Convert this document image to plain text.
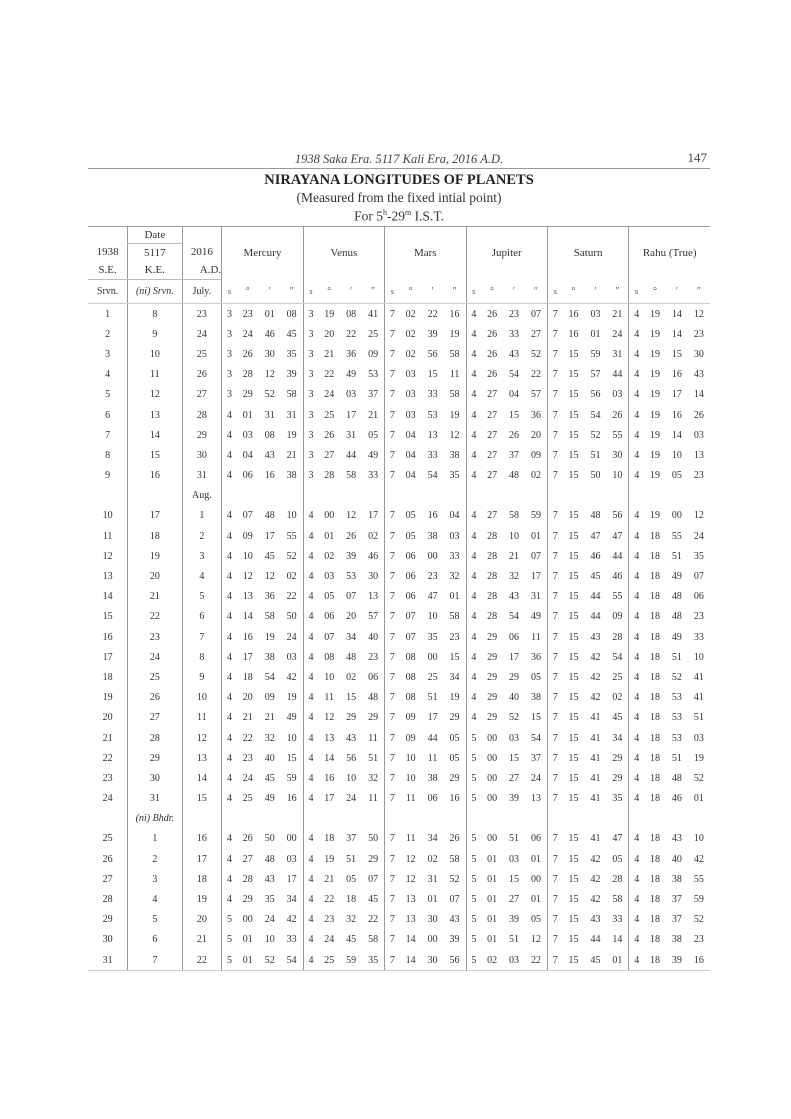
1938 Saka Era. 5117 Kali Era, 2016 A.D.	147
NIRAYANA LONGITUDES OF PLANETS
(Measured from the fixed intial point)
For 5$^h$-29$^m$ I.S.T.
	Date		Mercury				Venus				Mars				Jupiter				Saturn				Rahu (True)			
1938	5117	2016																								
S.E.	K.E.	A.D.																								
Srvn.	(ni) Srvn.	July.	s	°	′	″	s	°	′	″	s	°	′	″	s	°	′	″	s	°	′	″	s	°	′	″
1	8	23	3	23	01	08	3	19	08	41	7	02	22	16	4	26	23	07	7	16	03	21	4	19	14	12
2	9	24	3	24	46	45	3	20	22	25	7	02	39	19	4	26	33	27	7	16	01	24	4	19	14	23
3	10	25	3	26	30	35	3	21	36	09	7	02	56	58	4	26	43	52	7	15	59	31	4	19	15	30
4	11	26	3	28	12	39	3	22	49	53	7	03	15	11	4	26	54	22	7	15	57	44	4	19	16	43
5	12	27	3	29	52	58	3	24	03	37	7	03	33	58	4	27	04	57	7	15	56	03	4	19	17	14
6	13	28	4	01	31	31	3	25	17	21	7	03	53	19	4	27	15	36	7	15	54	26	4	19	16	26
7	14	29	4	03	08	19	3	26	31	05	7	04	13	12	4	27	26	20	7	15	52	55	4	19	14	03
8	15	30	4	04	43	21	3	27	44	49	7	04	33	38	4	27	37	09	7	15	51	30	4	19	10	13
9	16	31	4	06	16	38	3	28	58	33	7	04	54	35	4	27	48	02	7	15	50	10	4	19	05	23
		Aug.																								
10	17	1	4	07	48	10	4	00	12	17	7	05	16	04	4	27	58	59	7	15	48	56	4	19	00	12
11	18	2	4	09	17	55	4	01	26	02	7	05	38	03	4	28	10	01	7	15	47	47	4	18	55	24
12	19	3	4	10	45	52	4	02	39	46	7	06	00	33	4	28	21	07	7	15	46	44	4	18	51	35
13	20	4	4	12	12	02	4	03	53	30	7	06	23	32	4	28	32	17	7	15	45	46	4	18	49	07
14	21	5	4	13	36	22	4	05	07	13	7	06	47	01	4	28	43	31	7	15	44	55	4	18	48	06
15	22	6	4	14	58	50	4	06	20	57	7	07	10	58	4	28	54	49	7	15	44	09	4	18	48	23
16	23	7	4	16	19	24	4	07	34	40	7	07	35	23	4	29	06	11	7	15	43	28	4	18	49	33
17	24	8	4	17	38	03	4	08	48	23	7	08	00	15	4	29	17	36	7	15	42	54	4	18	51	10
18	25	9	4	18	54	42	4	10	02	06	7	08	25	34	4	29	29	05	7	15	42	25	4	18	52	41
19	26	10	4	20	09	19	4	11	15	48	7	08	51	19	4	29	40	38	7	15	42	02	4	18	53	41
20	27	11	4	21	21	49	4	12	29	29	7	09	17	29	4	29	52	15	7	15	41	45	4	18	53	51
21	28	12	4	22	32	10	4	13	43	11	7	09	44	05	5	00	03	54	7	15	41	34	4	18	53	03
22	29	13	4	23	40	15	4	14	56	51	7	10	11	05	5	00	15	37	7	15	41	29	4	18	51	19
23	30	14	4	24	45	59	4	16	10	32	7	10	38	29	5	00	27	24	7	15	41	29	4	18	48	52
24	31	15	4	25	49	16	4	17	24	11	7	11	06	16	5	00	39	13	7	15	41	35	4	18	46	01
	(ni) Bhdr.																									
25	1	16	4	26	50	00	4	18	37	50	7	11	34	26	5	00	51	06	7	15	41	47	4	18	43	10
26	2	17	4	27	48	03	4	19	51	29	7	12	02	58	5	01	03	01	7	15	42	05	4	18	40	42
27	3	18	4	28	43	17	4	21	05	07	7	12	31	52	5	01	15	00	7	15	42	28	4	18	38	55
28	4	19	4	29	35	34	4	22	18	45	7	13	01	07	5	01	27	01	7	15	42	58	4	18	37	59
29	5	20	5	00	24	42	4	23	32	22	7	13	30	43	5	01	39	05	7	15	43	33	4	18	37	52
30	6	21	5	01	10	33	4	24	45	58	7	14	00	39	5	01	51	12	7	15	44	14	4	18	38	23
31	7	22	5	01	52	54	4	25	59	35	7	14	30	56	5	02	03	22	7	15	45	01	4	18	39	16
